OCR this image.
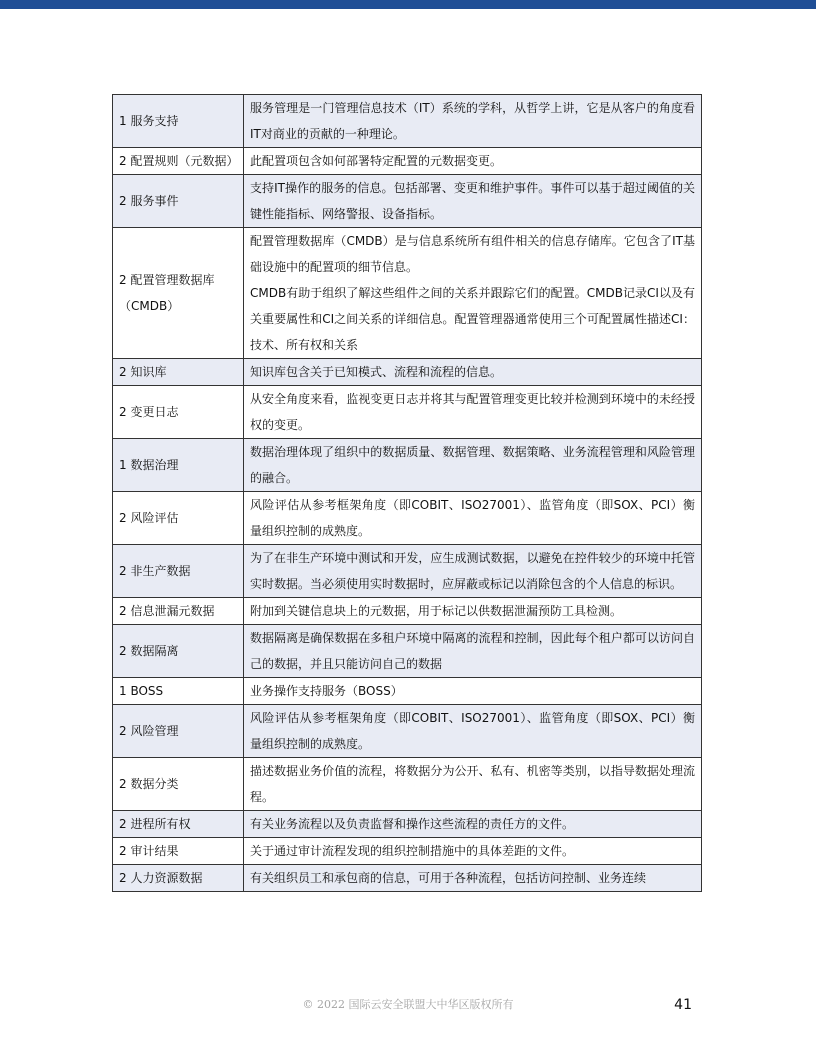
1 服务支持	服务管理是一门管理信息技术（IT）系统的学科，从哲学上讲，它是从客户的角度看IT对商业的贡献的一种理论。
2 配置规则（元数据）	此配置项包含如何部署特定配置的元数据变更。
2 服务事件	支持IT操作的服务的信息。包括部署、变更和维护事件。事件可以基于超过阈值的关键性能指标、网络警报、设备指标。
2 配置管理数据库（CMDB）	配置管理数据库（CMDB）是与信息系统所有组件相关的信息存储库。它包含了IT基础设施中的配置项的细节信息。
CMDB有助于组织了解这些组件之间的关系并跟踪它们的配置。CMDB记录CI以及有关重要属性和CI之间关系的详细信息。配置管理器通常使用三个可配置属性描述CI：技术、所有权和关系

2 知识库	知识库包含关于已知模式、流程和流程的信息。
2 变更日志	从安全角度来看，监视变更日志并将其与配置管理变更比较并检测到环境中的未经授权的变更。
1 数据治理	数据治理体现了组织中的数据质量、数据管理、数据策略、业务流程管理和风险管理的融合。
2 风险评估	风险评估从参考框架角度（即COBIT、ISO27001）、监管角度（即SOX、PCI）衡量组织控制的成熟度。
2 非生产数据	为了在非生产环境中测试和开发，应生成测试数据，以避免在控件较少的环境中托管实时数据。当必须使用实时数据时，应屏蔽或标记以消除包含的个人信息的标识。
2 信息泄漏元数据	附加到关键信息块上的元数据，用于标记以供数据泄漏预防工具检测。
2 数据隔离	数据隔离是确保数据在多租户环境中隔离的流程和控制，因此每个租户都可以访问自己的数据，并且只能访问自己的数据
1 BOSS	业务操作支持服务（BOSS）
2 风险管理	风险评估从参考框架角度（即COBIT、ISO27001）、监管角度（即SOX、PCI）衡量组织控制的成熟度。
2 数据分类	描述数据业务价值的流程，将数据分为公开、私有、机密等类别，以指导数据处理流程。
2 进程所有权	有关业务流程以及负责监督和操作这些流程的责任方的文件。
2 审计结果	关于通过审计流程发现的组织控制措施中的具体差距的文件。
2 人力资源数据	有关组织员工和承包商的信息，可用于各种流程，包括访问控制、业务连续
© 2022 国际云安全联盟大中华区版权所有	41
